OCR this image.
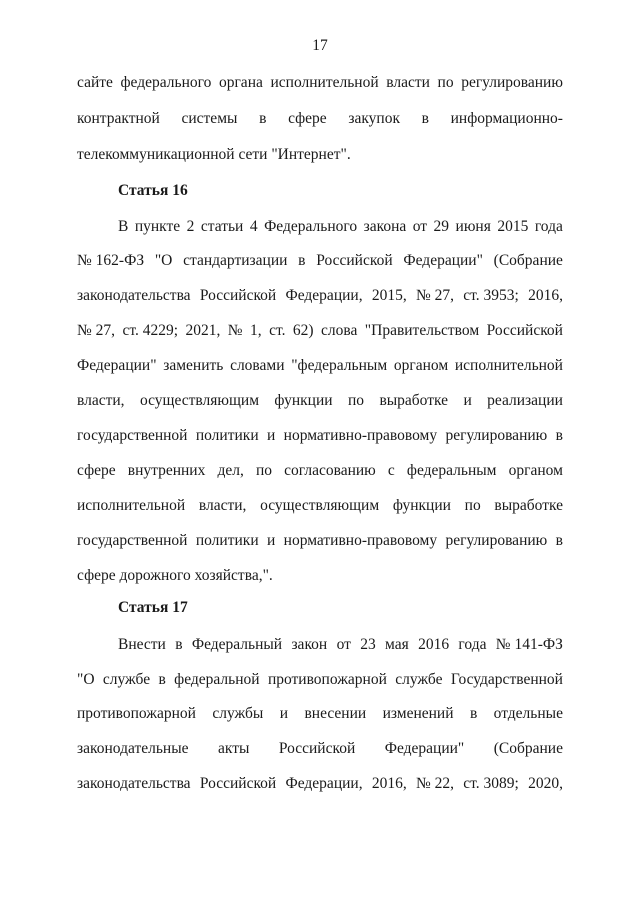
17
сайте федерального органа исполнительной власти по регулированию
контрактной системы в сфере закупок в информационно-
телекоммуникационной сети "Интернет".
Статья 16
В пункте 2 статьи 4 Федерального закона от 29 июня 2015 года
№ 162-ФЗ "О стандартизации в Российской Федерации" (Собрание
законодательства Российской Федерации, 2015, № 27, ст. 3953; 2016,
№ 27, ст. 4229; 2021, № 1, ст. 62) слова "Правительством Российской
Федерации" заменить словами "федеральным органом исполнительной
власти, осуществляющим функции по выработке и реализации
государственной политики и нормативно-правовому регулированию в
сфере внутренних дел, по согласованию с федеральным органом
исполнительной власти, осуществляющим функции по выработке
государственной политики и нормативно-правовому регулированию в
сфере дорожного хозяйства,".
Статья 17
Внести в Федеральный закон от 23 мая 2016 года № 141-ФЗ
"О службе в федеральной противопожарной службе Государственной
противопожарной службы и внесении изменений в отдельные
законодательные акты Российской Федерации" (Собрание
законодательства Российской Федерации, 2016, № 22, ст. 3089; 2020,
